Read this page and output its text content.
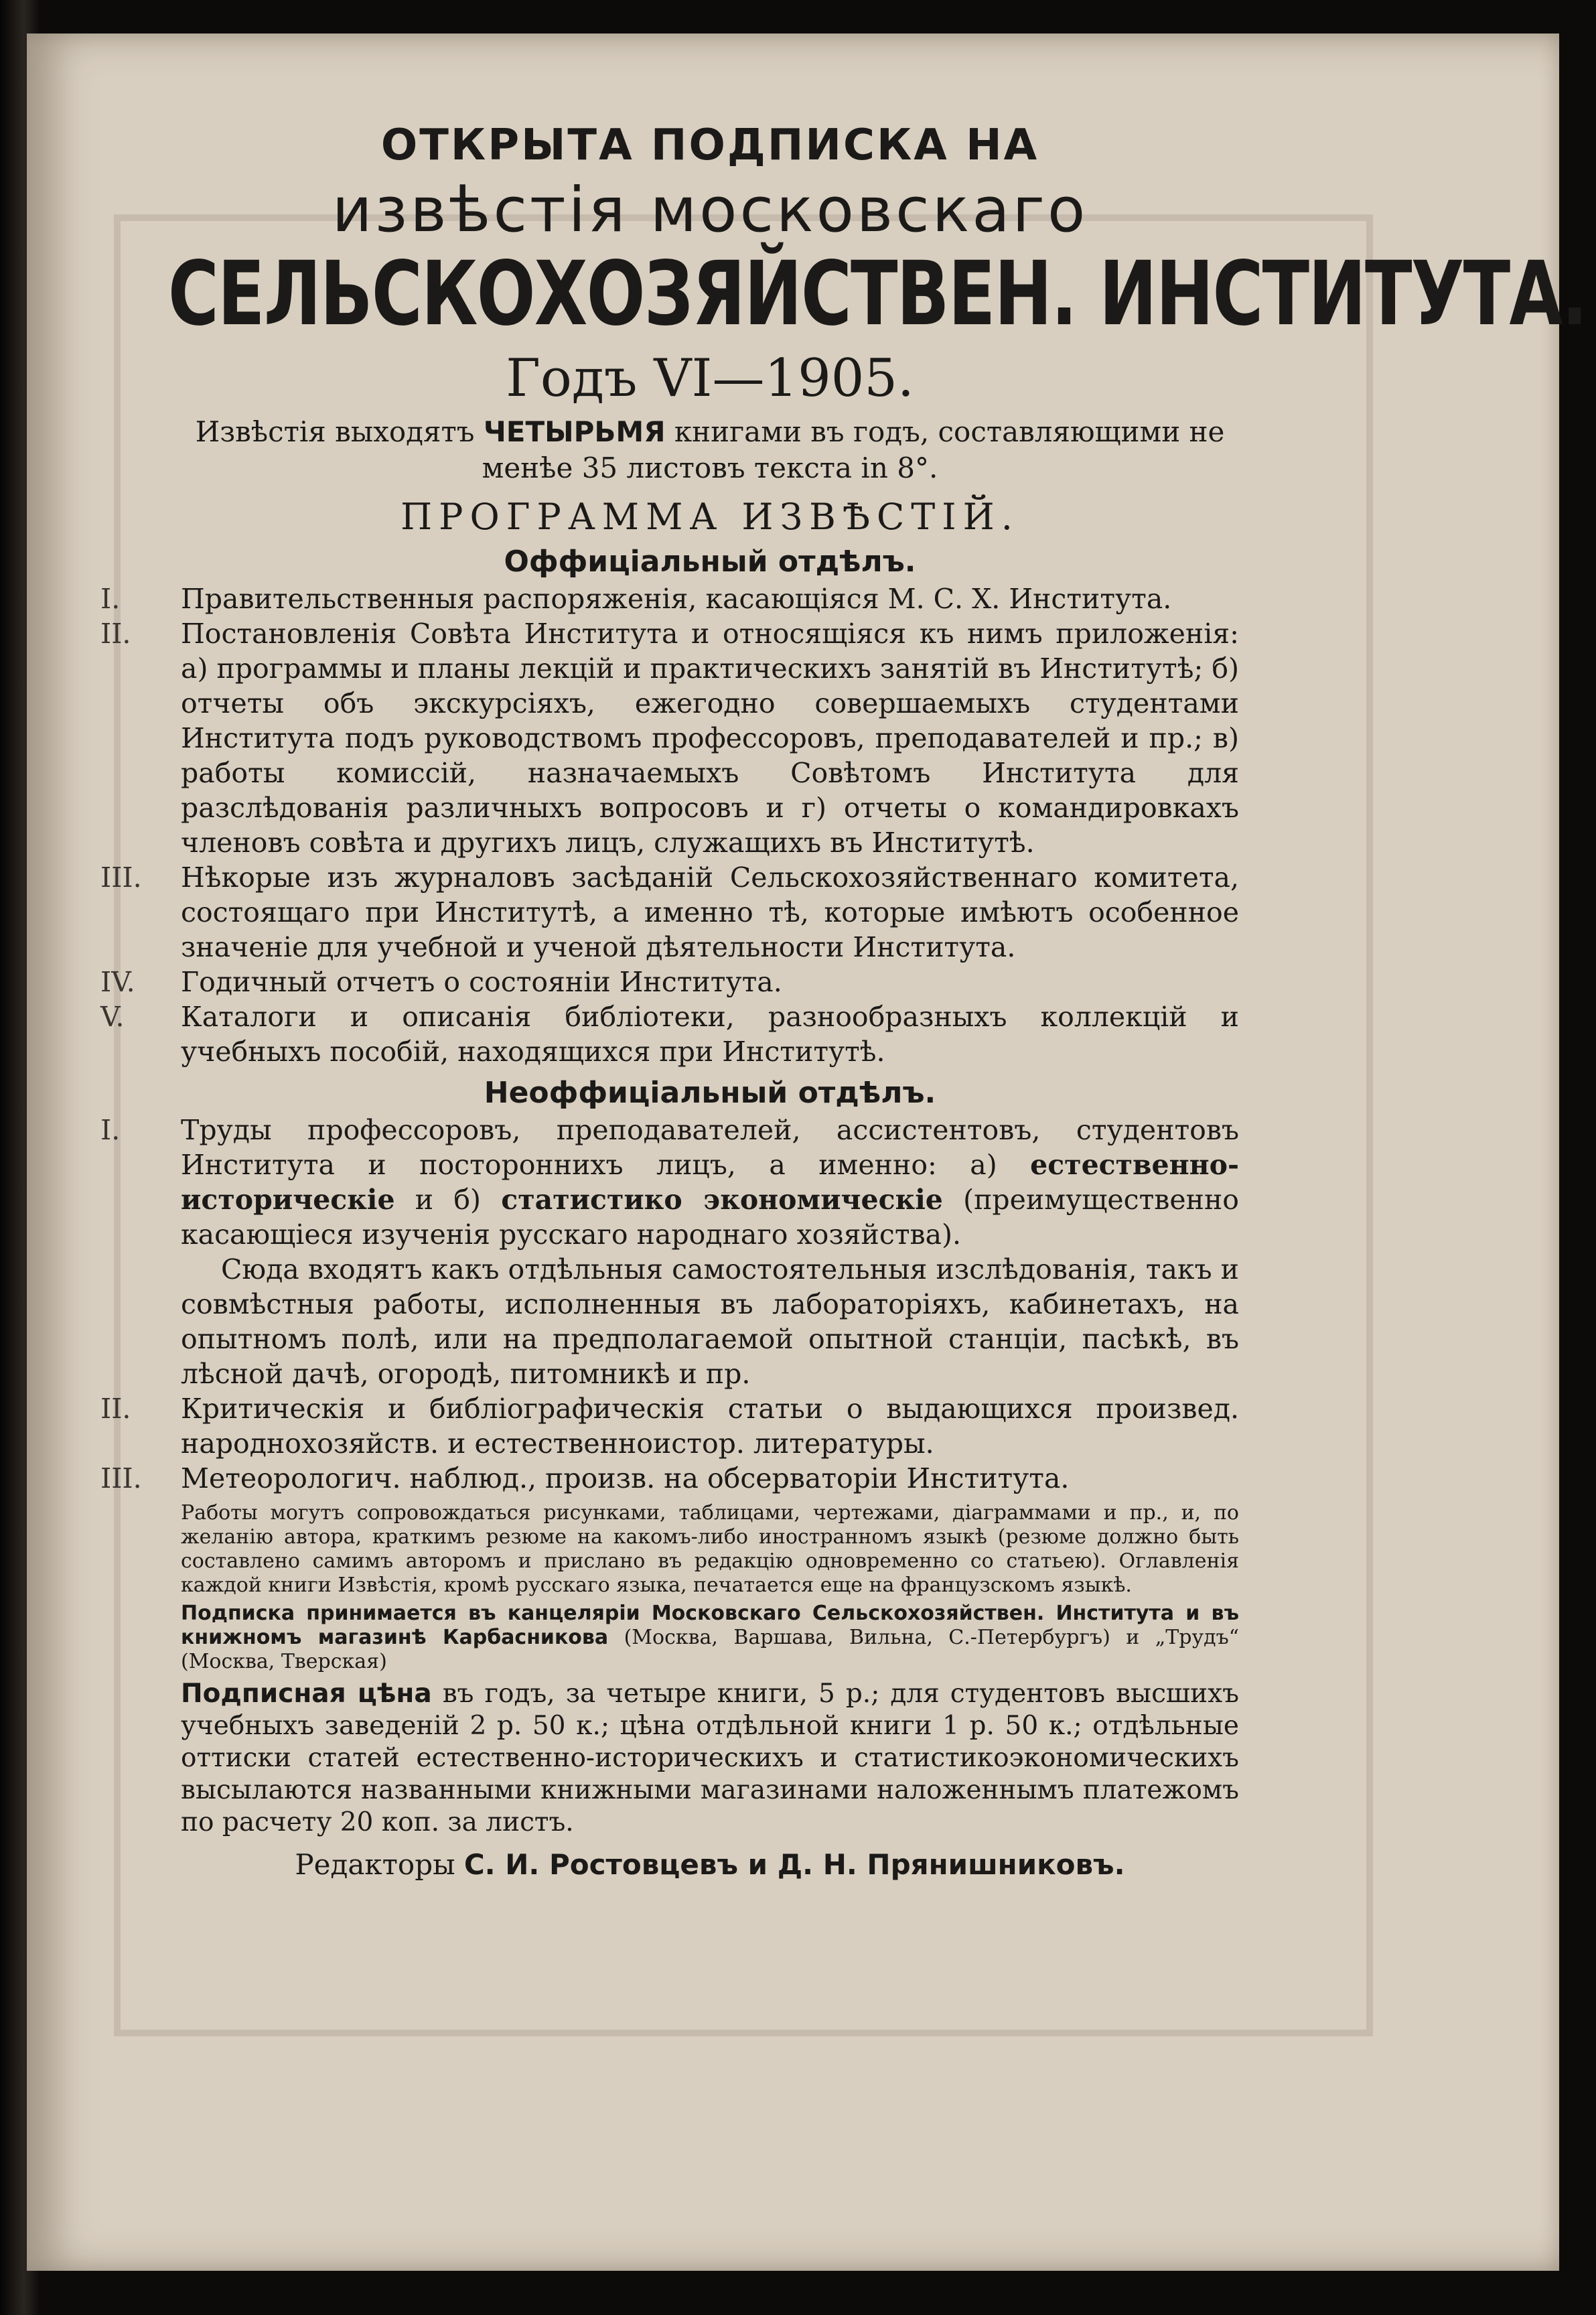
ОТКРЫТА ПОДПИСКА НА

извѣстія московскаго

СЕЛЬСКОХОЗЯЙСТВЕН. ИНСТИТУТА.

Годъ VI—1905.

Извѣстія выходятъ ЧЕТЫРЬМЯ книгами въ годъ, составляющими не менѣе 35 листовъ текста in 8°.

ПРОГРАММА ИЗВѢСТІЙ.

Оффиціальный отдѣлъ.

I.	Правительственныя распоряженія, касающіяся М. С. Х. Института.
II.	Постановленія Совѣта Института и относящіяся къ нимъ приложенія: а) программы и планы лекцій и практическихъ занятій въ Институтѣ; б) отчеты объ экскурсіяхъ, ежегодно совершаемыхъ студентами Института подъ руководствомъ профессоровъ, преподавателей и пр.; в) работы комиссій, назначаемыхъ Совѣтомъ Института для разслѣдованія различныхъ вопросовъ и г) отчеты о командировкахъ членовъ совѣта и другихъ лицъ, служащихъ въ Институтѣ.
III.	Нѣкорые изъ журналовъ засѣданій Сельскохозяйственнаго комитета, состоящаго при Институтѣ, а именно тѣ, которые имѣютъ особенное значеніе для учебной и ученой дѣятельности Института.
IV.	Годичный отчетъ о состояніи Института.
V.	Каталоги и описанія библіотеки, разнообразныхъ коллекцій и учебныхъ пособій, находящихся при Институтѣ.

Неоффиціальный отдѣлъ.

I.	Труды профессоровъ, преподавателей, ассистентовъ, студентовъ Института и постороннихъ лицъ, а именно: а) естественно-историческіе и б) статистико экономическіе (преимущественно касающіеся изученія русскаго народнаго хозяйства).

Сюда входятъ какъ отдѣльныя самостоятельныя изслѣдованія, такъ и совмѣстныя работы, исполненныя въ лабораторіяхъ, кабинетахъ, на опытномъ полѣ, или на предполагаемой опытной станціи, пасѣкѣ, въ лѣсной дачѣ, огородѣ, питомникѣ и пр.

II.	Критическія и библіографическія статьи о выдающихся произвед. народнохозяйств. и естественноистор. литературы.
III.	Метеорологич. наблюд., произв. на обсерваторіи Института.

Работы могутъ сопровождаться рисунками, таблицами, чертежами, діаграммами и пр., и, по желанію автора, краткимъ резюме на какомъ-либо иностранномъ языкѣ (резюме должно быть составлено самимъ авторомъ и прислано въ редакцію одновременно со статьею). Оглавленія каждой книги Извѣстія, кромѣ русскаго языка, печатается еще на французскомъ языкѣ.

Подписка принимается въ канцеляріи Московскаго Сельскохозяйствен. Института и въ книжномъ магазинѣ Карбасникова (Москва, Варшава, Вильна, С.-Петербургъ) и „Трудъ“ (Москва, Тверская)

Подписная цѣна въ годъ, за четыре книги, 5 р.; для студентовъ высшихъ учебныхъ заведеній 2 р. 50 к.; цѣна отдѣльной книги 1 р. 50 к.; отдѣльные оттиски статей естественно-историческихъ и статистикоэкономическихъ высылаются названными книжными магазинами наложеннымъ платежомъ по расчету 20 коп. за листъ.

Редакторы С. И. Ростовцевъ и Д. Н. Прянишниковъ.
